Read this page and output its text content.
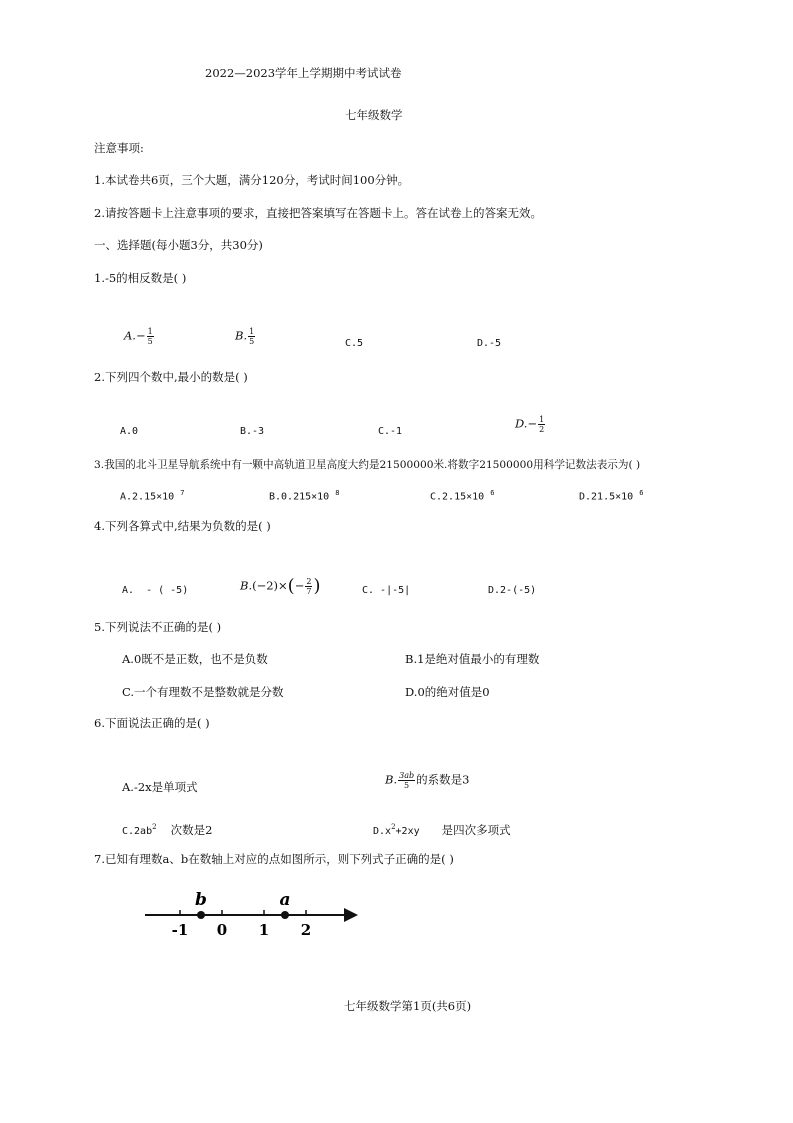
2022—2023学年上学期期中考试试卷
七年级数学
注意事项:
1.本试卷共6页，三个大题，满分120分，考试时间100分钟。
2.请按答题卡上注意事项的要求，直接把答案填写在答题卡上。答在试卷上的答案无效。
一、选择题(每小题3分，共30分)
1.-5的相反数是( )
$A.- \frac{1}{5}$	B. $\frac{1}{5}$	C.5	D.-5
2.下列四个数中,最小的数是( )
A.0	B.-3	C.-1
$D.- \frac{1}{2}$
3.我国的北斗卫星导航系统中有一颗中高轨道卫星高度大约是21500000米.将数字21500000用科学记数法表示为( )
A.2.15×10 $^7$	B.0.215×10 $^8$	C.2.15×10 $^6$	D.21.5×10 $^6$
4.下列各算式中,结果为负数的是( )
A.  - ( -5)	$B.(-2)\times(- \frac{2}{7}$ )	C. -|-5|	D.2-(-5)
5.下列说法不正确的是( )
A.0既不是正数，也不是负数	B.1是绝对值最小的有理数
C.一个有理数不是整数就是分数	D.0的绝对值是0
6.下面说法正确的是( )
A.-2x是单项式
B. $\frac{3ab}{5}$ 的系数是3
$C.2ab^2$ 次数是2	$D.x^2+2xy$ 是四次多项式
7.已知有理数a、b在数轴上对应的点如图所示，则下列式子正确的是( )
-1 0 1 2
b	a
七年级数学第1页(共6页)
